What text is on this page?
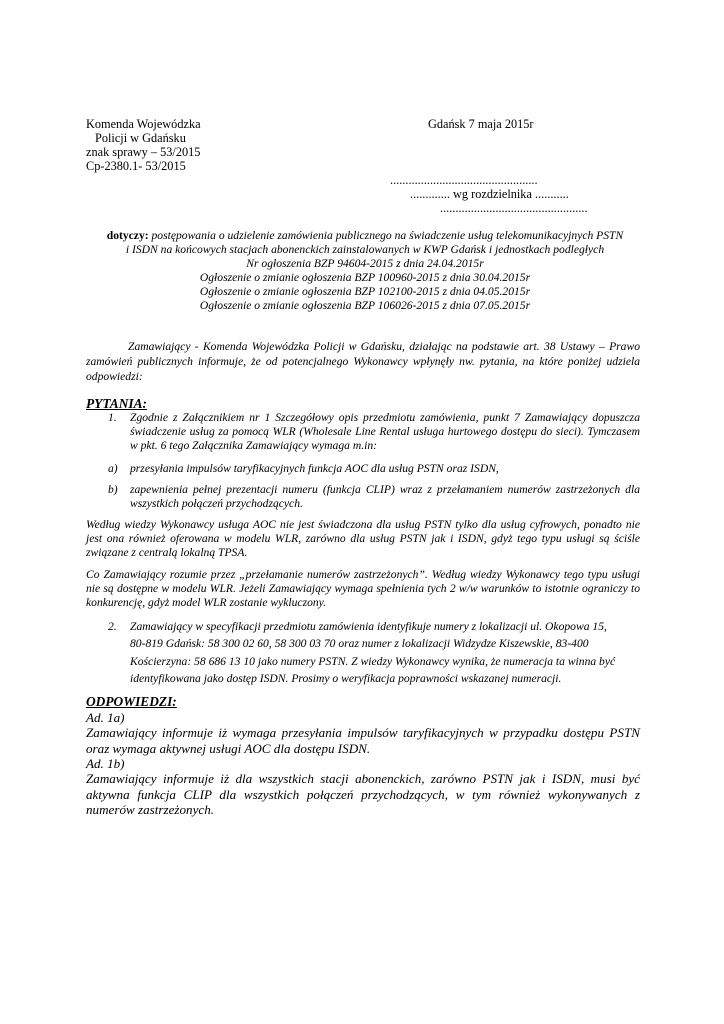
Komenda Wojewódzka
Policji w Gdańsku
znak sprawy – 53/2015
Cp-2380.1- 53/2015
Gdańsk 7 maja 2015r
................................................
............. wg rozdzielnika ...........
................................................
dotyczy: postępowania o udzielenie zamówienia publicznego na świadczenie usług telekomunikacyjnych PSTN
i ISDN na końcowych stacjach abonenckich zainstalowanych w KWP Gdańsk i jednostkach podległych
Nr ogłoszenia BZP 94604-2015 z dnia 24.04.2015r
Ogłoszenie o zmianie ogłoszenia BZP 100960-2015 z dnia 30.04.2015r
Ogłoszenie o zmianie ogłoszenia BZP 102100-2015 z dnia 04.05.2015r
Ogłoszenie o zmianie ogłoszenia BZP 106026-2015 z dnia 07.05.2015r
Zamawiający - Komenda Wojewódzka Policji w Gdańsku, działając na podstawie art. 38 Ustawy – Prawo zamówień publicznych informuje, że od potencjalnego Wykonawcy wpłynęły nw. pytania, na które poniżej udziela odpowiedzi:
PYTANIA:
1. Zgodnie z Załącznikiem nr 1 Szczegółowy opis przedmiotu zamówienia, punkt 7 Zamawiający dopuszcza świadczenie usług za pomocą WLR (Wholesale Line Rental usługa hurtowego dostępu do sieci). Tymczasem w pkt. 6 tego Załącznika Zamawiający wymaga m.in:
a) przesyłania impulsów taryfikacyjnych funkcja AOC dla usług PSTN oraz ISDN,
b) zapewnienia pełnej prezentacji numeru (funkcja CLIP) wraz z przełamaniem numerów zastrzeżonych dla wszystkich połączeń przychodzących.
Według wiedzy Wykonawcy usługa AOC nie jest świadczona dla usług PSTN tylko dla usług cyfrowych, ponadto nie jest ona również oferowana w modelu WLR, zarówno dla usług PSTN jak i ISDN, gdyż tego typu usługi są ściśle związane z centralą lokalną TPSA.
Co Zamawiający rozumie przez „przełamanie numerów zastrzeżonych”. Według wiedzy Wykonawcy tego typu usługi nie są dostępne w modelu WLR. Jeżeli Zamawiający wymaga spełnienia tych 2 w/w warunków to istotnie ograniczy to konkurencję, gdyż model WLR zostanie wykluczony.
2. Zamawiający w specyfikacji przedmiotu zamówienia identyfikuje numery z lokalizacji ul. Okopowa 15, 80-819 Gdańsk: 58 300 02 60, 58 300 03 70 oraz numer z lokalizacji Widzydze Kiszewskie, 83-400 Kościerzyna: 58 686 13 10 jako numery PSTN. Z wiedzy Wykonawcy wynika, że numeracja ta winna być identyfikowana jako dostęp ISDN. Prosimy o weryfikacja poprawności wskazanej numeracji.
ODPOWIEDZI:
Ad. 1a)
Zamawiający informuje iż wymaga przesyłania impulsów taryfikacyjnych w przypadku dostępu PSTN oraz wymaga aktywnej usługi AOC dla dostępu ISDN.
Ad. 1b)
Zamawiający informuje iż dla wszystkich stacji abonenckich, zarówno PSTN jak i ISDN, musi być aktywna funkcja CLIP dla wszystkich połączeń przychodzących, w tym również wykonywanych z numerów zastrzeżonych.
